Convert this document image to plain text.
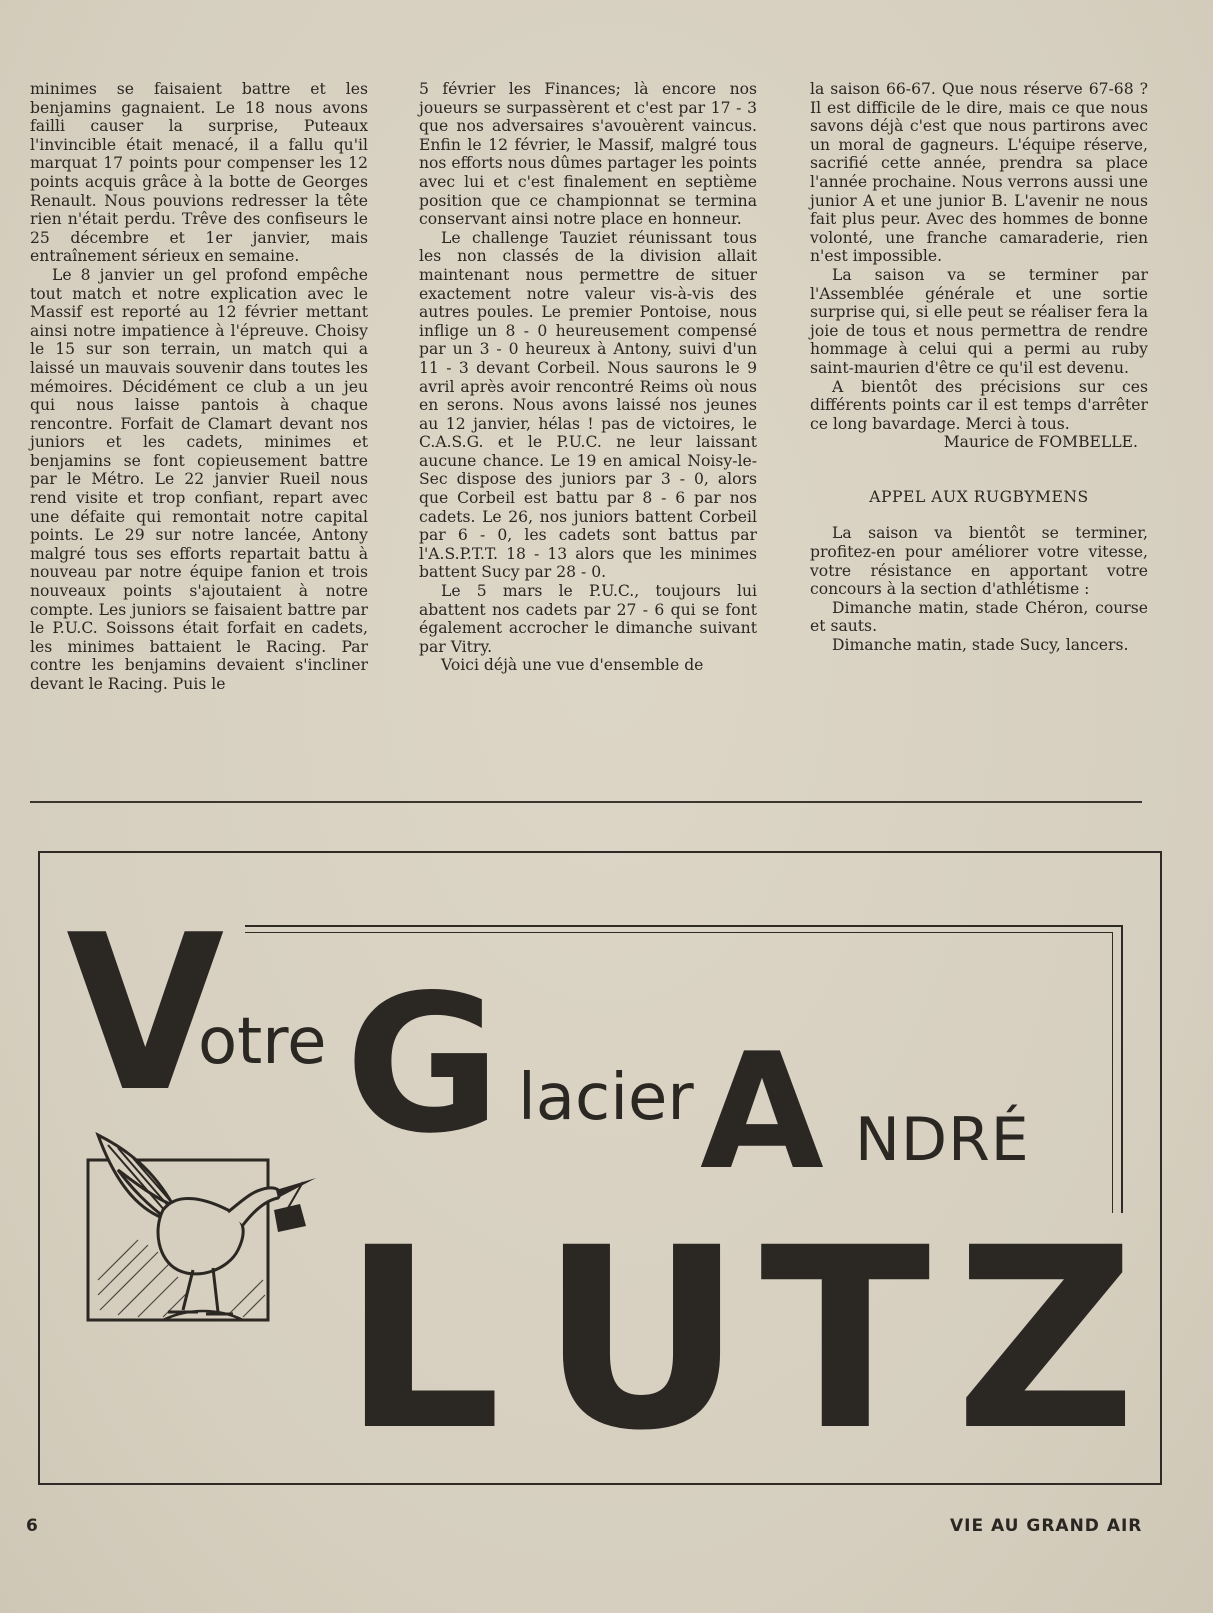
minimes se faisaient battre et les benjamins gagnaient. Le 18 nous avons failli causer la surprise, Puteaux l'invincible était menacé, il a fallu qu'il marquat 17 points pour compenser les 12 points acquis grâce à la botte de Georges Renault. Nous pouvions redresser la tête rien n'était perdu. Trêve des confiseurs le 25 décembre et 1er janvier, mais entraînement sérieux en semaine.

Le 8 janvier un gel profond empêche tout match et notre explication avec le Massif est reporté au 12 février mettant ainsi notre impatience à l'épreuve. Choisy le 15 sur son terrain, un match qui a laissé un mauvais souvenir dans toutes les mémoires. Décidément ce club a un jeu qui nous laisse pantois à chaque rencontre. Forfait de Clamart devant nos juniors et les cadets, minimes et benjamins se font copieusement battre par le Métro. Le 22 janvier Rueil nous rend visite et trop confiant, repart avec une défaite qui remontait notre capital points. Le 29 sur notre lancée, Antony malgré tous ses efforts repartait battu à nouveau par notre équipe fanion et trois nouveaux points s'ajoutaient à notre compte. Les juniors se faisaient battre par le P.U.C. Soissons était forfait en cadets, les minimes battaient le Racing. Par contre les benjamins devaient s'incliner devant le Racing. Puis le

5 février les Finances; là encore nos joueurs se surpassèrent et c'est par 17 - 3 que nos adversaires s'avouèrent vaincus. Enfin le 12 février, le Massif, malgré tous nos efforts nous dûmes partager les points avec lui et c'est finalement en septième position que ce championnat se termina conservant ainsi notre place en honneur.

Le challenge Tauziet réunissant tous les non classés de la division allait maintenant nous permettre de situer exactement notre valeur vis-à-vis des autres poules. Le premier Pontoise, nous inflige un 8 - 0 heureusement compensé par un 3 - 0 heureux à Antony, suivi d'un 11 - 3 devant Corbeil. Nous saurons le 9 avril après avoir rencontré Reims où nous en serons. Nous avons laissé nos jeunes au 12 janvier, hélas ! pas de victoires, le C.A.S.G. et le P.U.C. ne leur laissant aucune chance. Le 19 en amical Noisy-le-Sec dispose des juniors par 3 - 0, alors que Corbeil est battu par 8 - 6 par nos cadets. Le 26, nos juniors battent Corbeil par 6 - 0, les cadets sont battus par l'A.S.P.T.T. 18 - 13 alors que les minimes battent Sucy par 28 - 0.

Le 5 mars le P.U.C., toujours lui abattent nos cadets par 27 - 6 qui se font également accrocher le dimanche suivant par Vitry.

Voici déjà une vue d'ensemble de

la saison 66-67. Que nous réserve 67-68 ? Il est difficile de le dire, mais ce que nous savons déjà c'est que nous partirons avec un moral de gagneurs. L'équipe réserve, sacrifié cette année, prendra sa place l'année prochaine. Nous verrons aussi une junior A et une junior B. L'avenir ne nous fait plus peur. Avec des hommes de bonne volonté, une franche camaraderie, rien n'est impossible.

La saison va se terminer par l'Assemblée générale et une sortie surprise qui, si elle peut se réaliser fera la joie de tous et nous permettra de rendre hommage à celui qui a permi au ruby saint-maurien d'être ce qu'il est devenu.

A bientôt des précisions sur ces différents points car il est temps d'arrêter ce long bavardage. Merci à tous.

Maurice de FOMBELLE.

APPEL AUX RUGBYMENS

La saison va bientôt se terminer, profitez-en pour améliorer votre vitesse, votre résistance en apportant votre concours à la section d'athlétisme :

Dimanche matin, stade Chéron, course et sauts.

Dimanche matin, stade Sucy, lancers.

V
otre G lacier A NDRÉ
L U T Z
6	VIE AU GRAND AIR
